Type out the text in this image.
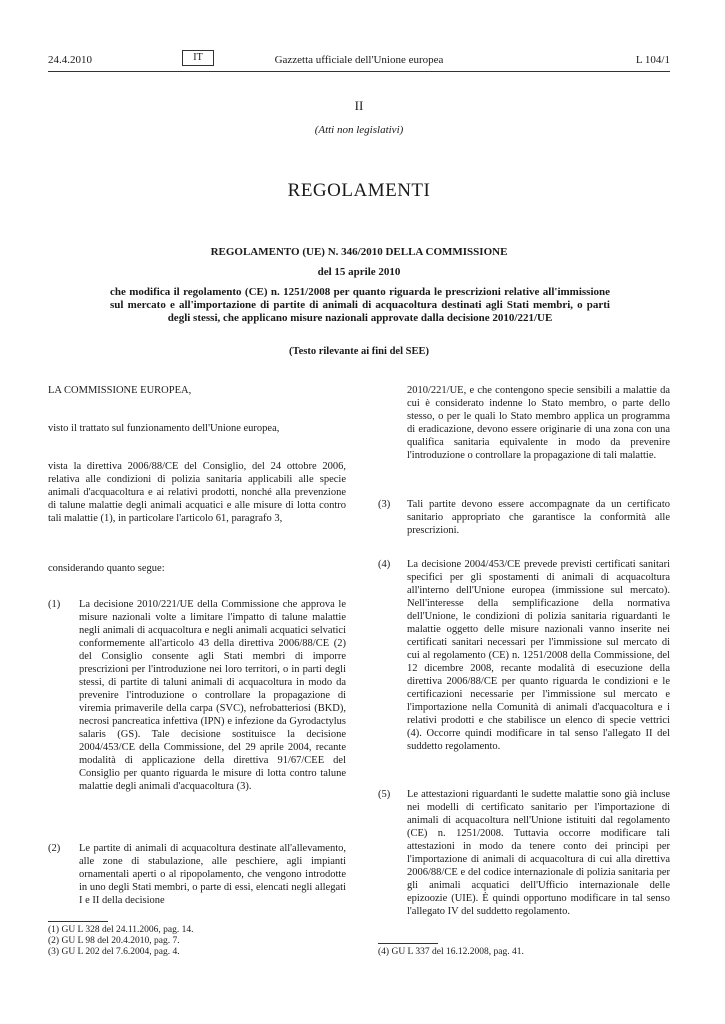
24.4.2010	IT	Gazzetta ufficiale dell'Unione europea	L 104/1
II
(Atti non legislativi)
REGOLAMENTI
REGOLAMENTO (UE) N. 346/2010 DELLA COMMISSIONE
del 15 aprile 2010
che modifica il regolamento (CE) n. 1251/2008 per quanto riguarda le prescrizioni relative all'immissione sul mercato e all'importazione di partite di animali di acquacoltura destinati agli Stati membri, o parti degli stessi, che applicano misure nazionali approvate dalla decisione 2010/221/UE
(Testo rilevante ai fini del SEE)
LA COMMISSIONE EUROPEA,
visto il trattato sul funzionamento dell'Unione europea,
vista la direttiva 2006/88/CE del Consiglio, del 24 ottobre 2006, relativa alle condizioni di polizia sanitaria applicabili alle specie animali d'acquacoltura e ai relativi prodotti, nonché alla prevenzione di talune malattie degli animali acquatici e alle misure di lotta contro tali malattie (1), in particolare l'articolo 61, paragrafo 3,
considerando quanto segue:
(1) La decisione 2010/221/UE della Commissione che approva le misure nazionali volte a limitare l'impatto di talune malattie negli animali di acquacoltura e negli animali acquatici selvatici conformemente all'articolo 43 della direttiva 2006/88/CE (2) del Consiglio consente agli Stati membri di imporre prescrizioni per l'introduzione nei loro territori, o in parti degli stessi, di partite di taluni animali di acquacoltura in modo da prevenire l'introduzione o controllare la propagazione di viremia primaverile della carpa (SVC), nefrobatteriosi (BKD), necrosi pancreatica infettiva (IPN) e infezione da Gyrodactylus salaris (GS). Tale decisione sostituisce la decisione 2004/453/CE della Commissione, del 29 aprile 2004, recante modalità di applicazione della direttiva 91/67/CEE del Consiglio per quanto riguarda le misure di lotta contro talune malattie degli animali d'acquacoltura (3).
(2) Le partite di animali di acquacoltura destinate all'allevamento, alle zone di stabulazione, alle peschiere, agli impianti ornamentali aperti o al ripopolamento, che vengono introdotte in uno degli Stati membri, o parte di essi, elencati negli allegati I e II della decisione
(1) GU L 328 del 24.11.2006, pag. 14.
(2) GU L 98 del 20.4.2010, pag. 7.
(3) GU L 202 del 7.6.2004, pag. 4.
2010/221/UE, e che contengono specie sensibili a malattie da cui è considerato indenne lo Stato membro, o parte dello stesso, o per le quali lo Stato membro applica un programma di eradicazione, devono essere originarie di una zona con una qualifica sanitaria equivalente in modo da prevenire l'introduzione o controllare la propagazione di tali malattie.
(3) Tali partite devono essere accompagnate da un certificato sanitario appropriato che garantisce la conformità alle prescrizioni.
(4) La decisione 2004/453/CE prevede previsti certificati sanitari specifici per gli spostamenti di animali di acquacoltura all'interno dell'Unione europea (immissione sul mercato). Nell'interesse della semplificazione della normativa dell'Unione, le condizioni di polizia sanitaria riguardanti le malattie oggetto delle misure nazionali vanno inserite nei certificati sanitari necessari per l'immissione sul mercato di cui al regolamento (CE) n. 1251/2008 della Commissione, del 12 dicembre 2008, recante modalità di esecuzione della direttiva 2006/88/CE per quanto riguarda le condizioni e le certificazioni necessarie per l'immissione sul mercato e l'importazione nella Comunità di animali d'acquacoltura e i relativi prodotti e che stabilisce un elenco di specie vettrici (4). Occorre quindi modificare in tal senso l'allegato II del suddetto regolamento.
(5) Le attestazioni riguardanti le sudette malattie sono già incluse nei modelli di certificato sanitario per l'importazione di animali di acquacoltura nell'Unione istituiti dal regolamento (CE) n. 1251/2008. Tuttavia occorre modificare tali attestazioni in modo da tenere conto dei principi per l'importazione di animali di acquacoltura di cui alla direttiva 2006/88/CE e del codice internazionale di polizia sanitaria per gli animali acquatici dell'Ufficio internazionale delle epizoozie (UIE). È quindi opportuno modificare in tal senso l'allegato IV del suddetto regolamento.
(4) GU L 337 del 16.12.2008, pag. 41.
